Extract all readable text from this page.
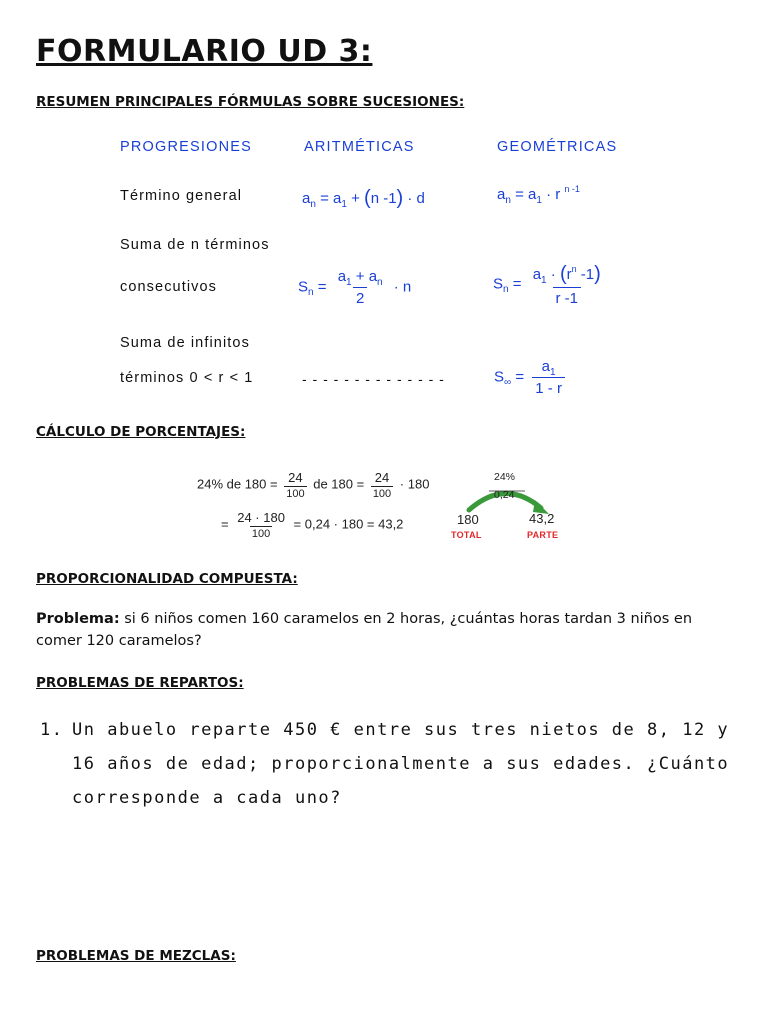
FORMULARIO UD 3:

RESUMEN PRINCIPALES FÓRMULAS SOBRE SUCESIONES:

PROGRESIONES	ARITMÉTICAS	GEOMÉTRICAS
Término general	$a_n = a_1 + (n$ -1) · d	$a_n = a_1 \cdot r$ $^{n -1}$
Suma de n términos
consecutivos	$S_n = \frac{a_1 + a_n}{2} \cdot n$	$S_n = \frac{a_1 \cdot (r^n -1)}{r -1}$
Suma de infinitos
términos 0 < r < 1	- - - - - - - - - - - - - -	$S_\infty = \frac{a_1}{1 - r}$

CÁLCULO DE PORCENTAJES:

24% de $180 = \frac{24}{100}$ de $180 = \frac{24}{100} \cdot 180$
= $\frac{24 \cdot 180}{100} = 0,24 \cdot 180 = 43,2$
24%
0,24
180	43,2
TOTAL	PARTE

PROPORCIONALIDAD COMPUESTA:

Problema: si 6 niños comen 160 caramelos en 2 horas, ¿cuántas horas tardan 3 niños en comer 120 caramelos?

PROBLEMAS DE REPARTOS:

1. Un abuelo reparte 450 € entre sus tres nietos de 8, 12 y
16 años de edad; proporcionalmente a sus edades. ¿Cuánto
corresponde a cada uno?

PROBLEMAS DE MEZCLAS:
